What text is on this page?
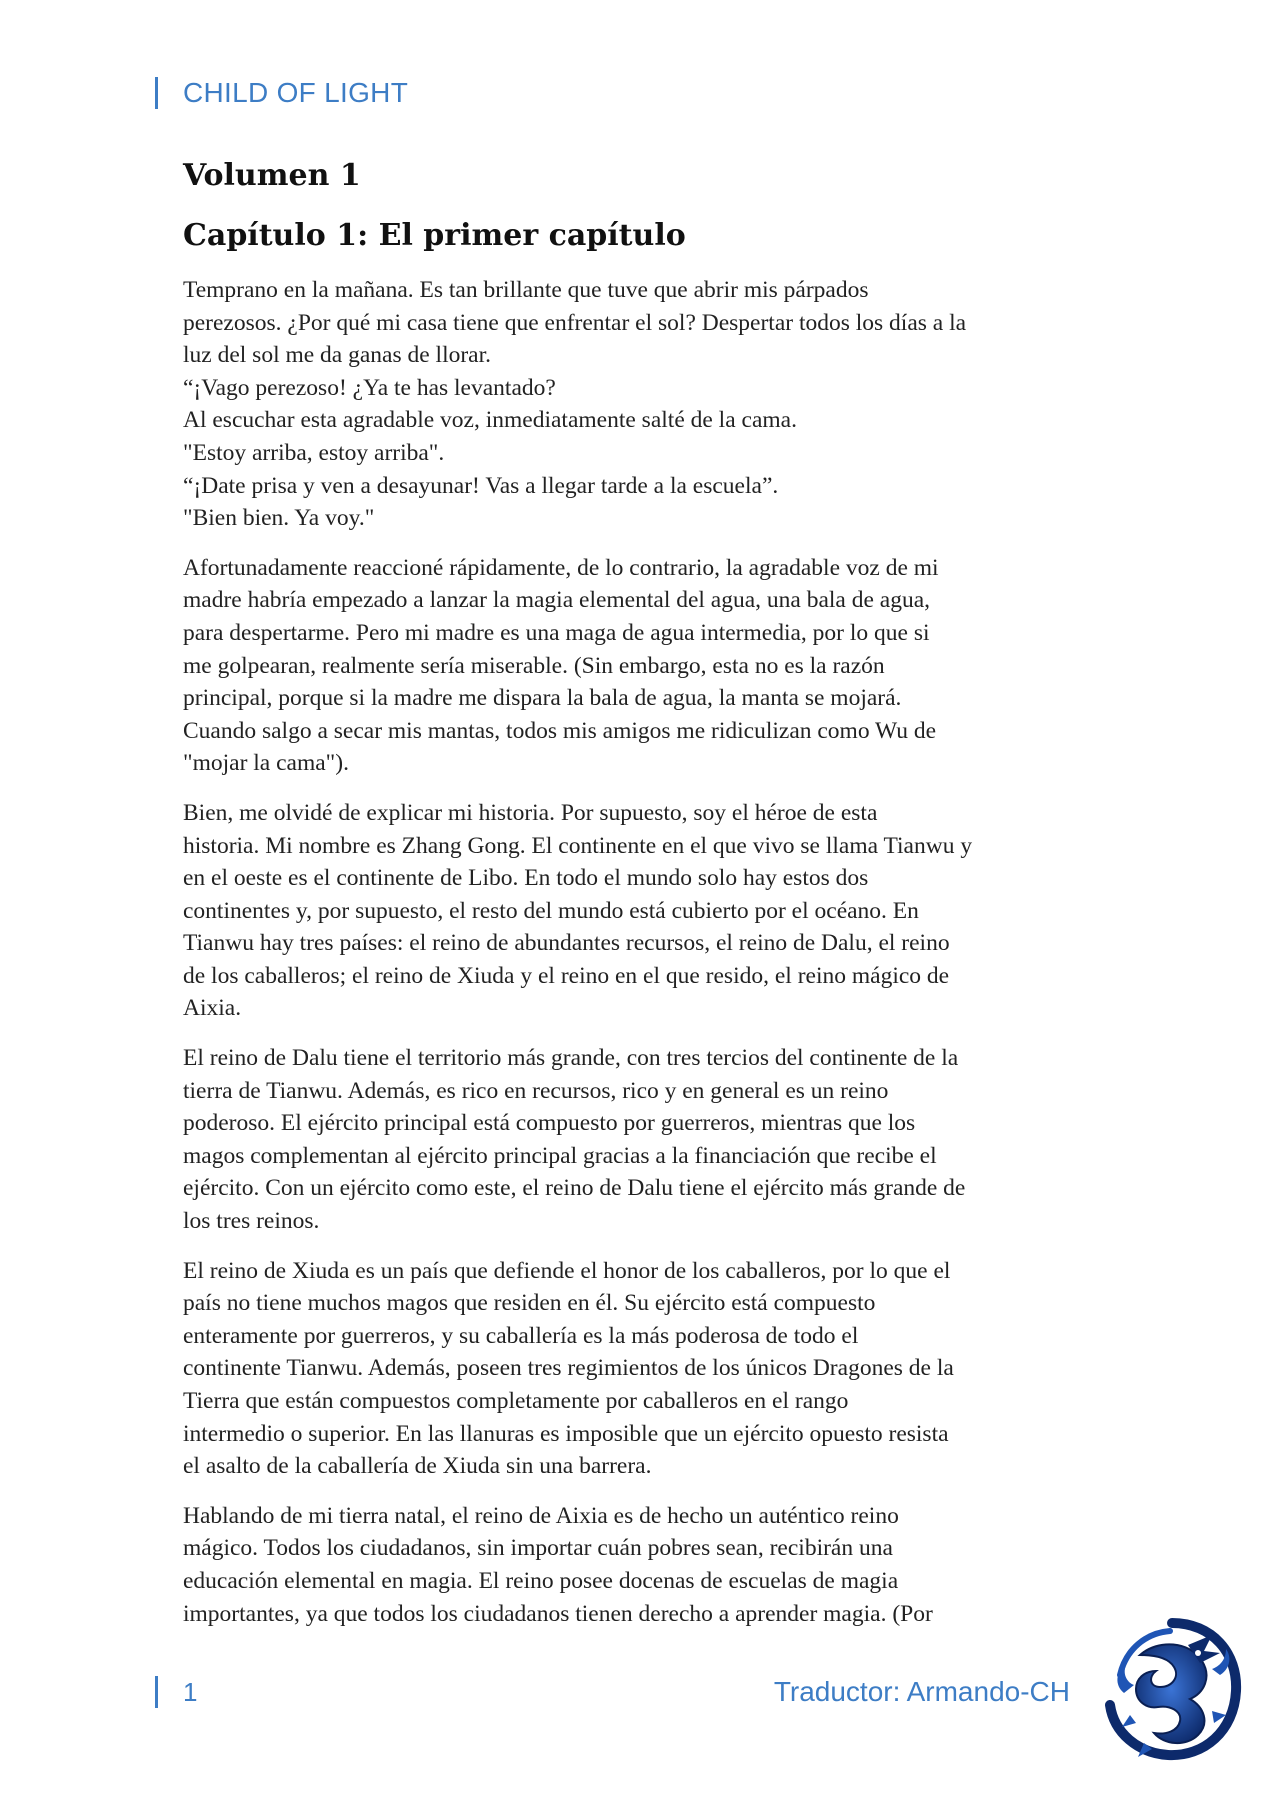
CHILD OF LIGHT
Volumen 1
Capítulo 1: El primer capítulo

Temprano en la mañana. Es tan brillante que tuve que abrir mis párpados
perezosos. ¿Por qué mi casa tiene que enfrentar el sol? Despertar todos los días a la
luz del sol me da ganas de llorar.
“¡Vago perezoso! ¿Ya te has levantado?
Al escuchar esta agradable voz, inmediatamente salté de la cama.
"Estoy arriba, estoy arriba".
“¡Date prisa y ven a desayunar! Vas a llegar tarde a la escuela”.
"Bien bien. Ya voy."

Afortunadamente reaccioné rápidamente, de lo contrario, la agradable voz de mi
madre habría empezado a lanzar la magia elemental del agua, una bala de agua,
para despertarme. Pero mi madre es una maga de agua intermedia, por lo que si
me golpearan, realmente sería miserable. (Sin embargo, esta no es la razón
principal, porque si la madre me dispara la bala de agua, la manta se mojará.
Cuando salgo a secar mis mantas, todos mis amigos me ridiculizan como Wu de
"mojar la cama").

Bien, me olvidé de explicar mi historia. Por supuesto, soy el héroe de esta
historia. Mi nombre es Zhang Gong. El continente en el que vivo se llama Tianwu y
en el oeste es el continente de Libo. En todo el mundo solo hay estos dos
continentes y, por supuesto, el resto del mundo está cubierto por el océano. En
Tianwu hay tres países: el reino de abundantes recursos, el reino de Dalu, el reino
de los caballeros; el reino de Xiuda y el reino en el que resido, el reino mágico de
Aixia.

El reino de Dalu tiene el territorio más grande, con tres tercios del continente de la
tierra de Tianwu. Además, es rico en recursos, rico y en general es un reino
poderoso. El ejército principal está compuesto por guerreros, mientras que los
magos complementan al ejército principal gracias a la financiación que recibe el
ejército. Con un ejército como este, el reino de Dalu tiene el ejército más grande de
los tres reinos.

El reino de Xiuda es un país que defiende el honor de los caballeros, por lo que el
país no tiene muchos magos que residen en él. Su ejército está compuesto
enteramente por guerreros, y su caballería es la más poderosa de todo el
continente Tianwu. Además, poseen tres regimientos de los únicos Dragones de la
Tierra que están compuestos completamente por caballeros en el rango
intermedio o superior. En las llanuras es imposible que un ejército opuesto resista
el asalto de la caballería de Xiuda sin una barrera.

Hablando de mi tierra natal, el reino de Aixia es de hecho un auténtico reino
mágico. Todos los ciudadanos, sin importar cuán pobres sean, recibirán una
educación elemental en magia. El reino posee docenas de escuelas de magia
importantes, ya que todos los ciudadanos tienen derecho a aprender magia. (Por

1	Traductor: Armando-CH
